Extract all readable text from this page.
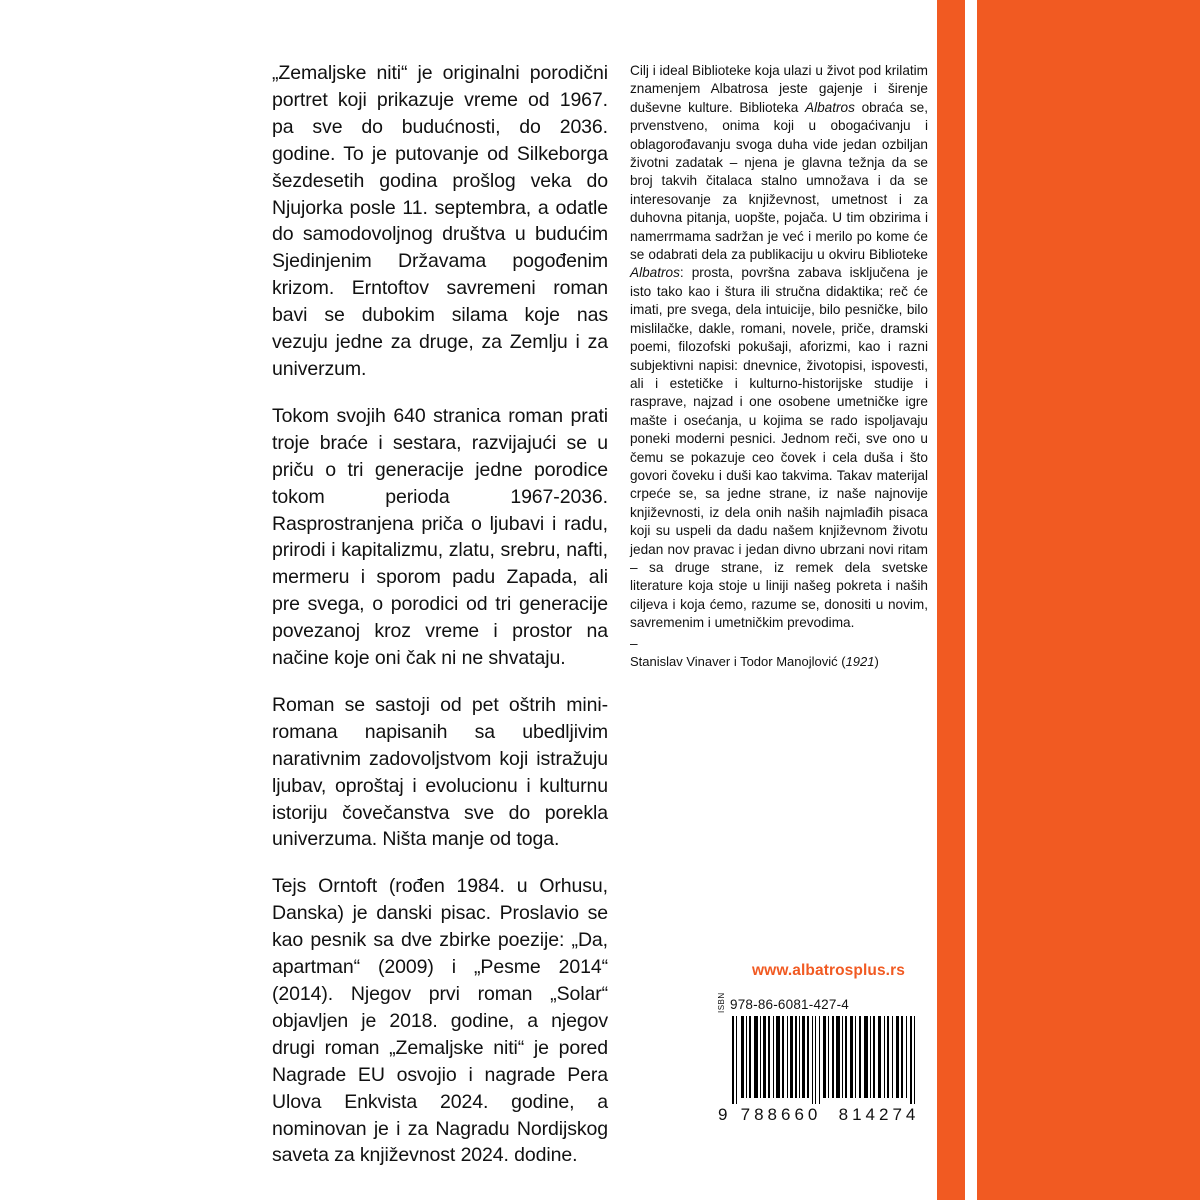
„Zemaljske niti“ je originalni porodični portret koji prikazuje vreme od 1967. pa sve do budućnosti, do 2036. godine. To je putovanje od Silkeborga šezdesetih godina prošlog veka do Njujorka posle 11. septembra, a odatle do samodovoljnog društva u budućim Sjedinjenim Državama pogođenim krizom. Erntoftov savremeni roman bavi se dubokim silama koje nas vezuju jedne za druge, za Zemlju i za univerzum.

Tokom svojih 640 stranica roman prati troje braće i sestara, razvijajući se u priču o tri generacije jedne porodice tokom perioda 1967-2036. Rasprostranjena priča o ljubavi i radu, prirodi i kapitalizmu, zlatu, srebru, nafti, mermeru i sporom padu Zapada, ali pre svega, o porodici od tri generacije povezanoj kroz vreme i prostor na načine koje oni čak ni ne shvataju.

Roman se sastoji od pet oštrih mini-romana napisanih sa ubedljivim narativnim zadovoljstvom koji istražuju ljubav, oproštaj i evolucionu i kulturnu istoriju čovečanstva sve do porekla univerzuma. Ništa manje od toga.

Tejs Orntoft (rođen 1984. u Orhusu, Danska) je danski pisac. Proslavio se kao pesnik sa dve zbirke poezije: „Da, apartman“ (2009) i „Pesme 2014“ (2014). Njegov prvi roman „Solar“ objavljen je 2018. godine, a njegov drugi roman „Zemaljske niti“ je pored Nagrade EU osvojio i nagrade Pera Ulova Enkvista 2024. godine, a nominovan je i za Nagradu Nordijskog saveta za književnost 2024. dodine.

Cilj i ideal Biblioteke koja ulazi u život pod krilatim znamenjem Albatrosa jeste gajenje i širenje duševne kulture. Biblioteka Albatros obraća se, prvenstveno, onima koji u obogaćivanju i oblagorođavanju svoga duha vide jedan ozbiljan životni zadatak – njena je glavna težnja da se broj takvih čitalaca stalno umnožava i da se interesovanje za književnost, umetnost i za duhovna pitanja, uopšte, pojača. U tim obzirima i namerrmama sadržan je već i merilo po kome će se odabrati dela za publikaciju u okviru Biblioteke Albatros: prosta, površna zabava isključena je isto tako kao i štura ili stručna didaktika; reč će imati, pre svega, dela intuicije, bilo pesničke, bilo mislilačke, dakle, romani, novele, priče, dramski poemi, filozofski pokušaji, aforizmi, kao i razni subjektivni napisi: dnevnice, životopisi, ispovesti, ali i estetičke i kulturno-historijske studije i rasprave, najzad i one osobene umetničke igre mašte i osećanja, u kojima se rado ispoljavaju poneki moderni pesnici. Jednom reči, sve ono u čemu se pokazuje ceo čovek i cela duša i što govori čoveku i duši kao takvima. Takav materijal crpeće se, sa jedne strane, iz naše najnovije književnosti, iz dela onih naših najmlađih pisaca koji su uspeli da dadu našem književnom životu jedan nov pravac i jedan divno ubrzani novi ritam – sa druge strane, iz remek dela svetske literature koja stoje u liniji našeg pokreta i naših ciljeva i koja ćemo, razume se, donositi u novim, savremenim i umetničkim prevodima.

–

Stanislav Vinaver i Todor Manojlović (1921)

www.albatrosplus.rs
ISBN 978-86-6081-427-4
9 788660	814274
